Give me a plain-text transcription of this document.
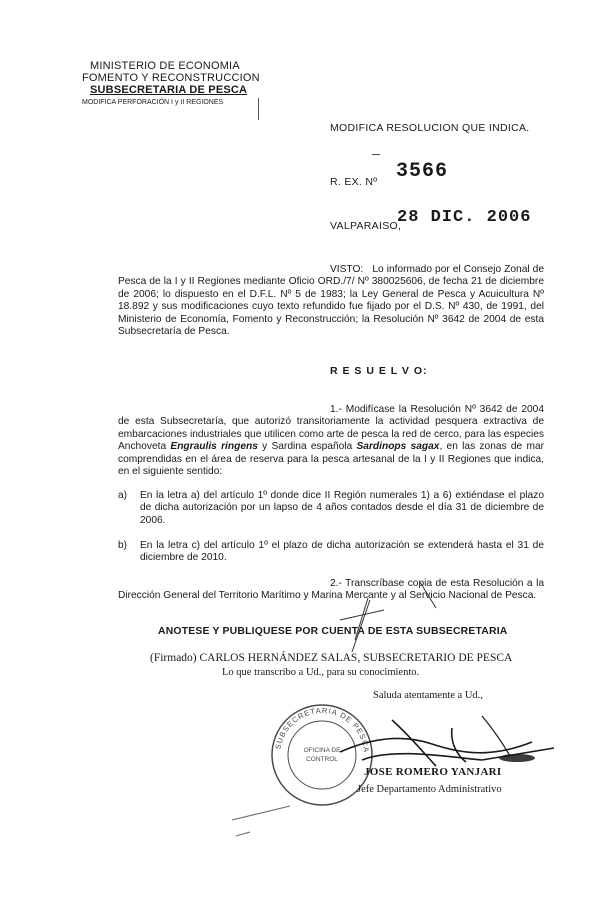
MINISTERIO DE ECONOMIA
FOMENTO Y RECONSTRUCCION
SUBSECRETARIA DE PESCA
MODIFICA PERFORACIÓN I y II REGIONES
MODIFICA RESOLUCION QUE INDICA.
R. EX. Nº 3566
VALPARAISO,
28 DIC. 2006
VISTO: Lo informado por el Consejo Zonal de Pesca de la I y II Regiones mediante Oficio ORD./7/ Nº 380025606, de fecha 21 de diciembre de 2006; lo dispuesto en el D.F.L. Nº 5 de 1983; la Ley General de Pesca y Acuicultura Nº 18.892 y sus modificaciones cuyo texto refundido fue fijado por el D.S. Nº 430, de 1991, del Ministerio de Economía, Fomento y Reconstrucción; la Resolución Nº 3642 de 2004 de esta Subsecretaría de Pesca.
R E S U E L V O:
1.- Modifícase la Resolución Nº 3642 de 2004 de esta Subsecretaría, que autorizó transitoriamente la actividad pesquera extractiva de embarcaciones industriales que utilicen como arte de pesca la red de cerco, para las especies Anchoveta Engraulis ringens y Sardina española Sardinops sagax, en las zonas de mar comprendidas en el área de reserva para la pesca artesanal de la I y II Regiones que indica, en el siguiente sentido:
a)	En la letra a) del artículo 1º donde dice II Región numerales 1) a 6) extiéndase el plazo de dicha autorización por un lapso de 4 años contados desde el día 31 de diciembre de 2006.
b)	En la letra c) del artículo 1º el plazo de dicha autorización se extenderá hasta el 31 de diciembre de 2010.
2.- Transcríbase copia de esta Resolución a la Dirección General del Territorio Marítimo y Marina Mercante y al Servicio Nacional de Pesca.
ANOTESE Y PUBLIQUESE POR CUENTA DE ESTA SUBSECRETARIA
(Firmado) CARLOS HERNÁNDEZ SALAS, SUBSECRETARIO DE PESCA
Lo que transcribo a Ud., para su conocimiento.
Saluda atentamente a Ud.,
SUBSECRETARIA DE PESCA
OFICINA DE
CONTROL
JOSE ROMERO YANJARI
Jefe Departamento Administrativo
